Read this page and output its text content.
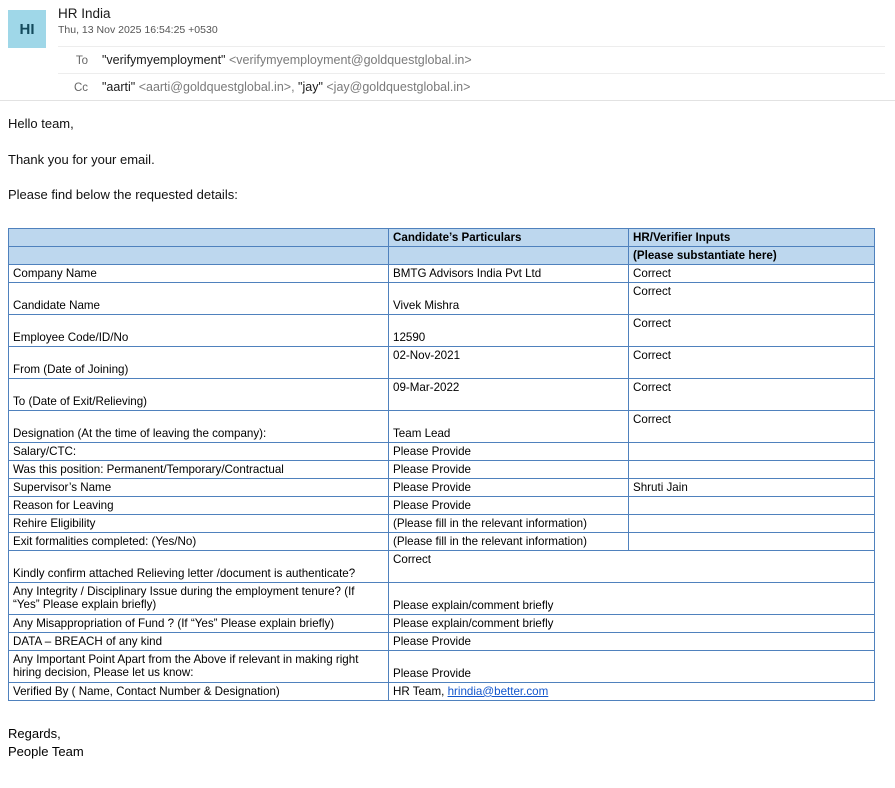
HI
HR India
Thu, 13 Nov 2025 16:54:25 +0530
To	"verifymyemployment" <verifymyemployment@goldquestglobal.in>
Cc	"aarti" <aarti@goldquestglobal.in>, "jay" <jay@goldquestglobal.in>

Hello team,

Thank you for your email.

Please find below the requested details:

	Candidate’s Particulars	HR/Verifier Inputs
		(Please substantiate here)
Company Name	BMTG Advisors India Pvt Ltd	Correct

Candidate Name	Vivek Mishra	Correct

Employee Code/ID/No	12590	Correct

From (Date of Joining)	02-Nov-2021	Correct

To (Date of Exit/Relieving)	09-Mar-2022	Correct

Designation (At the time of leaving the company):	Team Lead	Correct

Salary/CTC:	Please Provide	
Was this position: Permanent/Temporary/Contractual	Please Provide	
Supervisor’s Name	Please Provide	Shruti Jain
Reason for Leaving	Please Provide	
Rehire Eligibility	(Please fill in the relevant information)	
Exit formalities completed: (Yes/No)	(Please fill in the relevant information)	

Kindly confirm attached Relieving letter /document is authenticate?	Correct	
Any Integrity / Disciplinary Issue during the employment tenure? (If “Yes” Please explain briefly)	Please explain/comment briefly	

Any Misappropriation of Fund ? (If “Yes” Please explain briefly)	Please explain/comment briefly	
DATA – BREACH of any kind	Please Provide	
Any Important Point Apart from the Above if relevant in making right hiring decision, Please let us know:	Please Provide	

Verified By ( Name, Contact Number & Designation)	HR Team, hrindia@better.com	
Regards,
People Team
